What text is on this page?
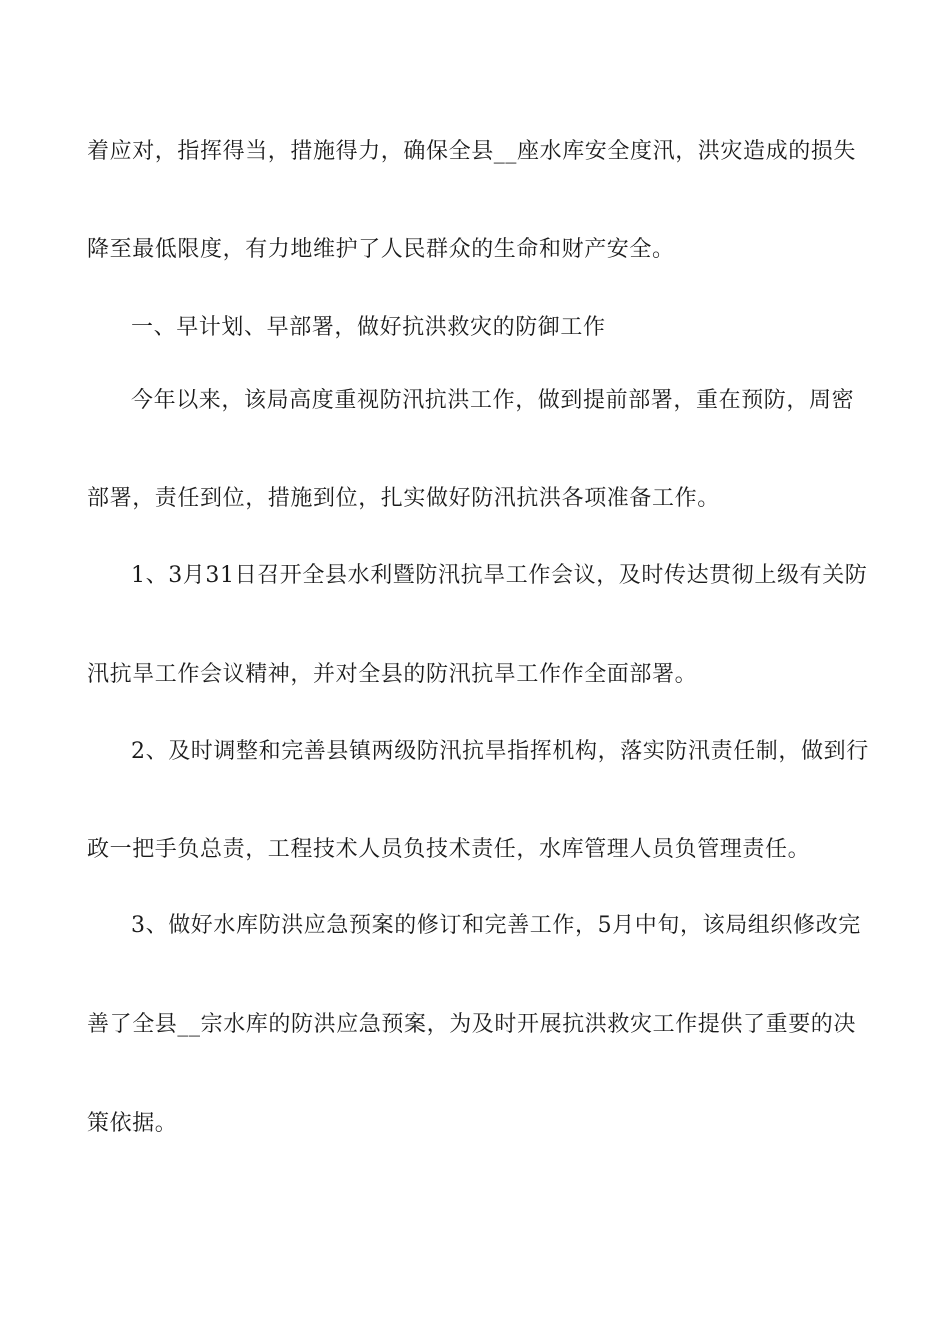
着应对，指挥得当，措施得力，确保全县__座水库安全度汛，洪灾造成的损失
降至最低限度，有力地维护了人民群众的生命和财产安全。
一、早计划、早部署，做好抗洪救灾的防御工作
今年以来，该局高度重视防汛抗洪工作，做到提前部署，重在预防，周密
部署，责任到位，措施到位，扎实做好防汛抗洪各项准备工作。
1、3月31日召开全县水利暨防汛抗旱工作会议，及时传达贯彻上级有关防
汛抗旱工作会议精神，并对全县的防汛抗旱工作作全面部署。
2、及时调整和完善县镇两级防汛抗旱指挥机构，落实防汛责任制，做到行
政一把手负总责，工程技术人员负技术责任，水库管理人员负管理责任。
3、做好水库防洪应急预案的修订和完善工作，5月中旬，该局组织修改完
善了全县__宗水库的防洪应急预案，为及时开展抗洪救灾工作提供了重要的决
策依据。
